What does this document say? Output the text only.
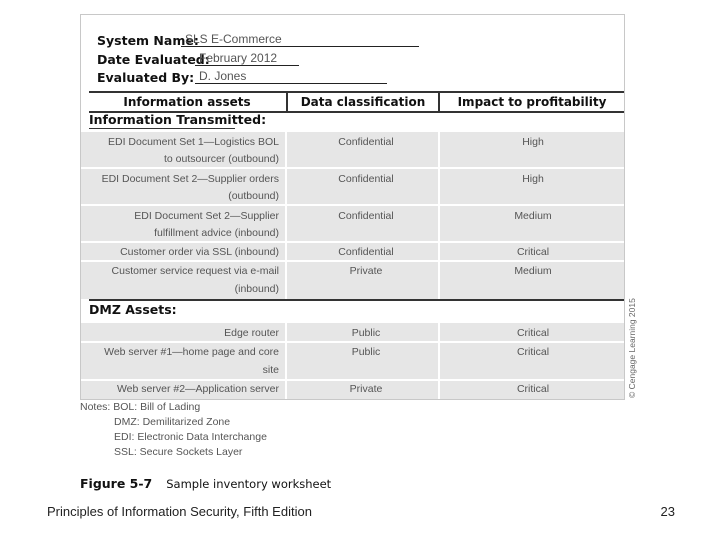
System Name:
SLS E-Commerce
Date Evaluated:
February 2012
Evaluated By: D. Jones
Information assets	Data classification	Impact to profitability
Information Transmitted:
EDI Document Set 1—Logistics BOL
to outsourcer (outbound)
Confidential	High
EDI Document Set 2—Supplier orders
(outbound)
Confidential	High
EDI Document Set 2—Supplier
fulfillment advice (inbound)
Confidential	Medium
Customer order via SSL (inbound)	Confidential	Critical
Customer service request via e-mail
(inbound)
Private	Medium
DMZ Assets:
Edge router	Public	Critical
Web server #1—home page and core
site
Public	Critical
Web server #2—Application server	Private	Critical	© Cengage Learning 2015
Notes: BOL: Bill of Lading
DMZ: Demilitarized Zone
EDI: Electronic Data Interchange
SSL: Secure Sockets Layer
Figure 5-7 Sample inventory worksheet
Principles of Information Security, Fifth Edition	23
